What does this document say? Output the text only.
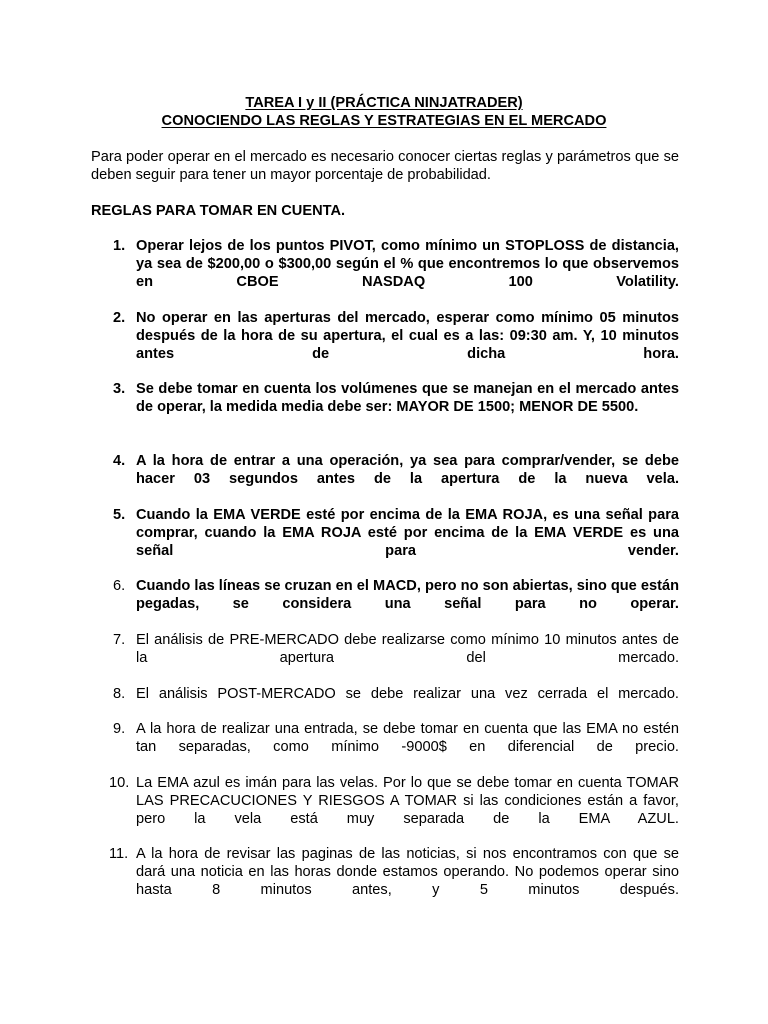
TAREA I y II (PRÁCTICA NINJATRADER)
CONOCIENDO LAS REGLAS Y ESTRATEGIAS EN EL MERCADO

Para poder operar en el mercado es necesario conocer ciertas reglas y parámetros que se deben seguir para tener un mayor porcentaje de probabilidad.

REGLAS PARA TOMAR EN CUENTA.

1. Operar lejos de los puntos PIVOT, como mínimo un STOPLOSS de distancia, ya sea de $200,00 o $300,00 según el % que encontremos lo que observemos en CBOE NASDAQ 100 Volatility.
2. No operar en las aperturas del mercado, esperar como mínimo 05 minutos después de la hora de su apertura, el cual es a las: 09:30 am. Y, 10 minutos antes de dicha hora.
3. Se debe tomar en cuenta los volúmenes que se manejan en el mercado antes de operar, la medida media debe ser: MAYOR DE 1500; MENOR DE 5500.
4. A la hora de entrar a una operación, ya sea para comprar/vender, se debe hacer 03 segundos antes de la apertura de la nueva vela.
5. Cuando la EMA VERDE esté por encima de la EMA ROJA, es una señal para comprar, cuando la EMA ROJA esté por encima de la EMA VERDE es una señal para vender.
6. Cuando las líneas se cruzan en el MACD, pero no son abiertas, sino que están pegadas, se considera una señal para no operar.
7. El análisis de PRE-MERCADO debe realizarse como mínimo 10 minutos antes de la apertura del mercado.
8. El análisis POST-MERCADO se debe realizar una vez cerrada el mercado.
9. A la hora de realizar una entrada, se debe tomar en cuenta que las EMA no estén tan separadas, como mínimo -9000$ en diferencial de precio.
10. La EMA azul es imán para las velas. Por lo que se debe tomar en cuenta TOMAR LAS PRECACUCIONES Y RIESGOS A TOMAR si las condiciones están a favor, pero la vela está muy separada de la EMA AZUL.
11. A la hora de revisar las paginas de las noticias, si nos encontramos con que se dará una noticia en las horas donde estamos operando. No podemos operar sino hasta 8 minutos antes, y 5 minutos después.
